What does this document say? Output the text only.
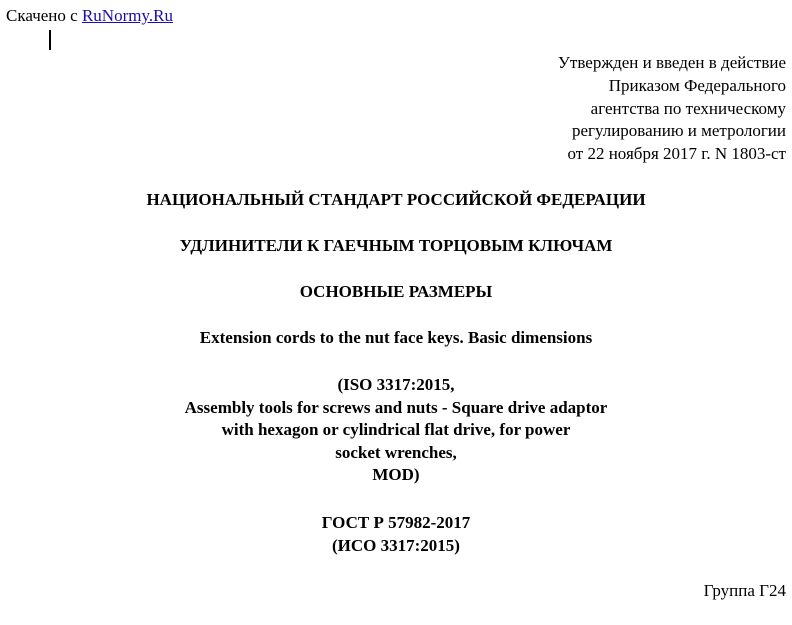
Скачено с RuNormy.Ru
Утвержден и введен в действие
Приказом Федерального
агентства по техническому
регулированию и метрологии
от 22 ноября 2017 г. N 1803-ст
НАЦИОНАЛЬНЫЙ СТАНДАРТ РОССИЙСКОЙ ФЕДЕРАЦИИ
УДЛИНИТЕЛИ К ГАЕЧНЫМ ТОРЦОВЫМ КЛЮЧАМ
ОСНОВНЫЕ РАЗМЕРЫ
Extension cords to the nut face keys. Basic dimensions
(ISO 3317:2015,
Assembly tools for screws and nuts - Square drive adaptor
with hexagon or cylindrical flat drive, for power
socket wrenches,
MOD)
ГОСТ Р 57982-2017
(ИСО 3317:2015)
Группа Г24
